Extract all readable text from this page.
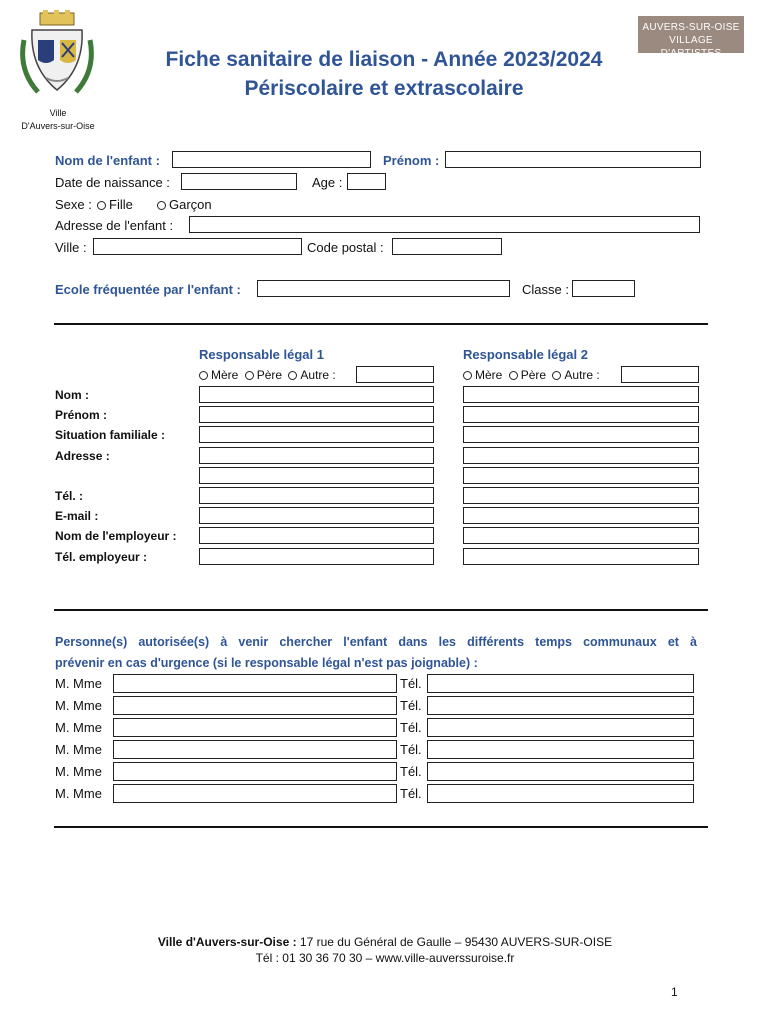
Ville
D'Auvers-sur-Oise
Fiche sanitaire de liaison - Année 2023/2024
Périscolaire et extrascolaire
AUVERS-SUR-OISE
VILLAGE D'ARTISTES
Nom de l'enfant :	Prénom :
Date de naissance :	Age :
Sexe :	Fille	Garçon
Adresse de l'enfant :
Ville :	Code postal :
Ecole fréquentée par l'enfant :	Classe :
Responsable légal 1	Responsable légal 2
Mère Père Autre :	Mère Père Autre :
Nom :
Prénom :
Situation familiale :
Adresse :
Tél. :
E-mail :
Nom de l'employeur :
Tél. employeur :
Personne(s) autorisée(s) à venir chercher l'enfant dans les différents temps communaux et à
prévenir en cas d'urgence (si le responsable légal n'est pas joignable) :
M. Mme	Tél.
M. Mme	Tél.
M. Mme	Tél.
M. Mme	Tél.
M. Mme	Tél.
M. Mme	Tél.
Ville d'Auvers-sur-Oise : 17 rue du Général de Gaulle – 95430 AUVERS-SUR-OISE
Tél : 01 30 36 70 30 – www.ville-auverssuroise.fr
1
